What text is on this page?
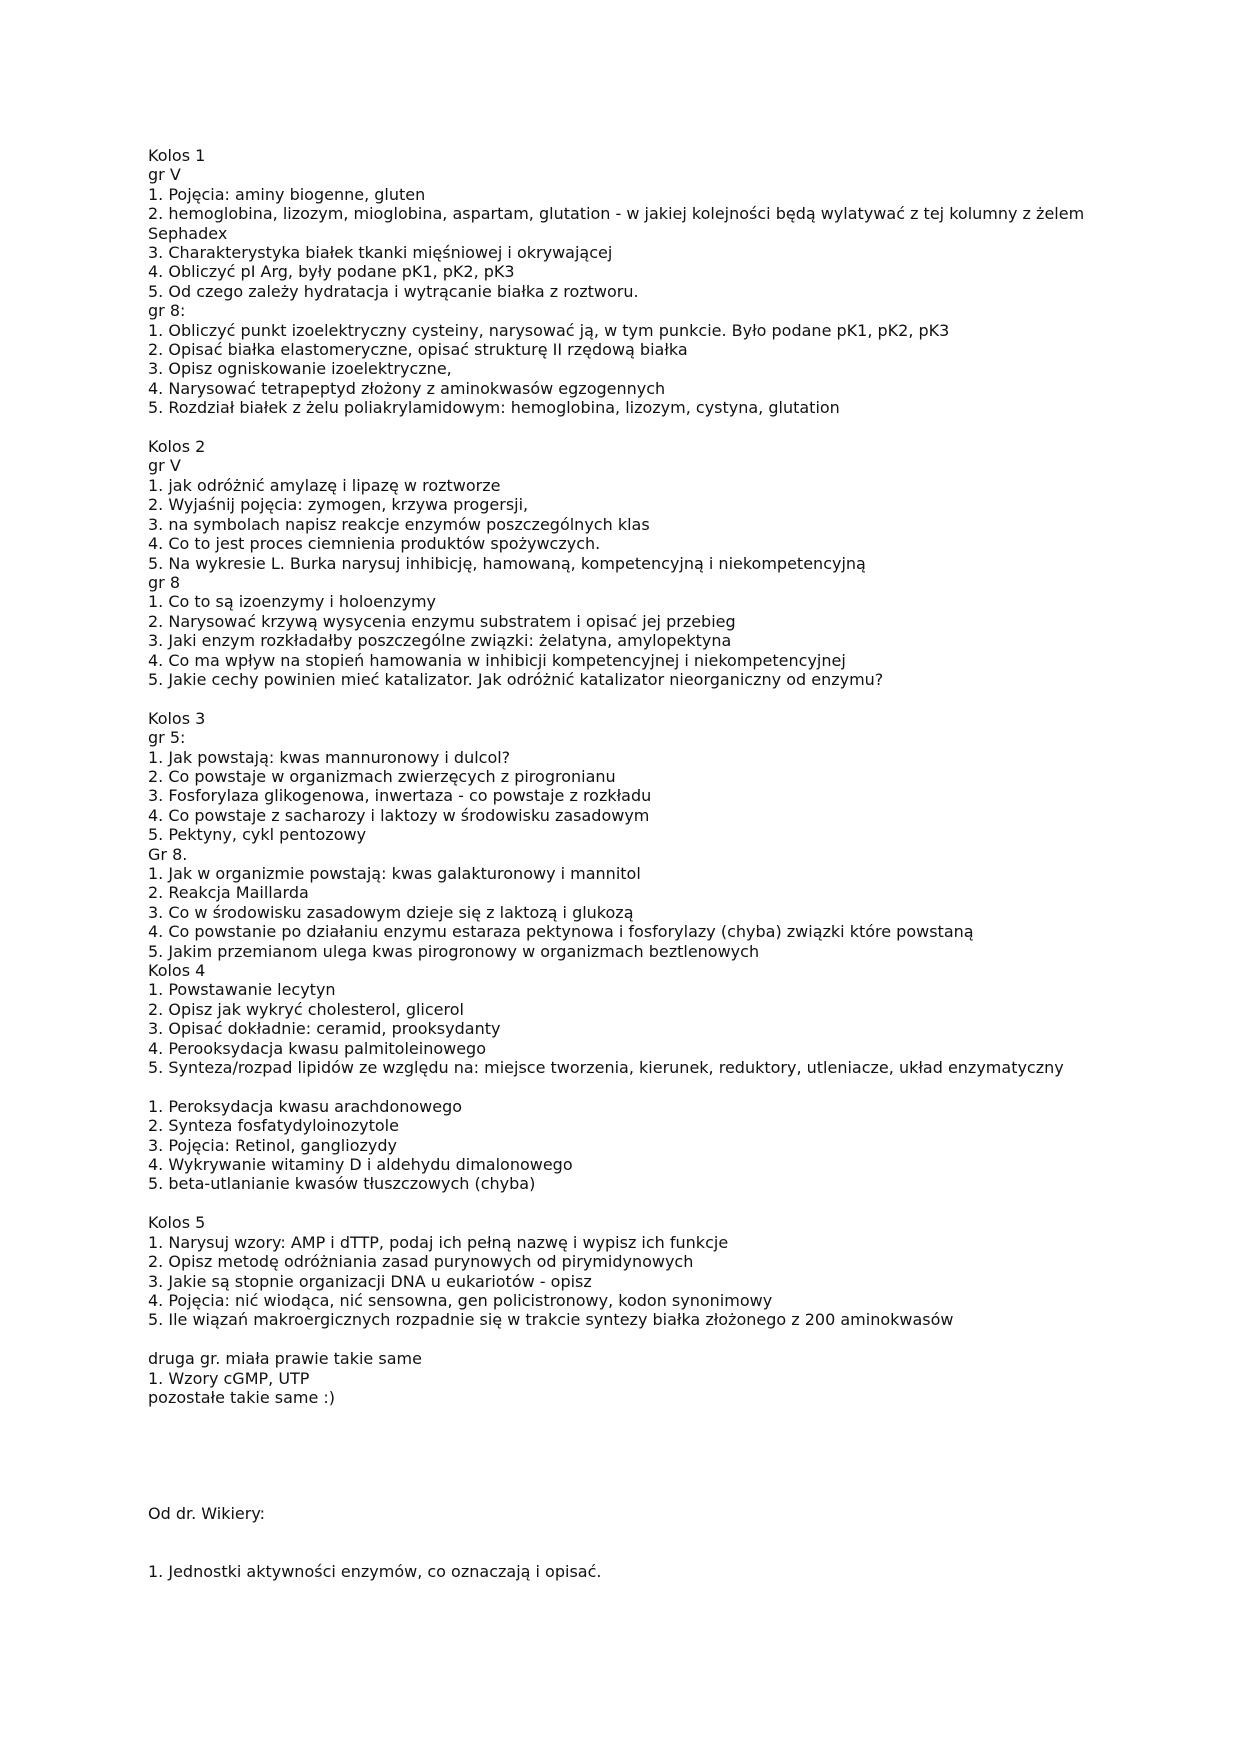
Kolos 1
gr V
1. Pojęcia: aminy biogenne, gluten
2. hemoglobina, lizozym, mioglobina, aspartam, glutation - w jakiej kolejności będą wylatywać z tej kolumny z żelem Sephadex
3. Charakterystyka białek tkanki mięśniowej i okrywającej
4. Obliczyć pI Arg, były podane pK1, pK2, pK3
5. Od czego zależy hydratacja i wytrącanie białka z roztworu.
gr 8:
1. Obliczyć punkt izoelektryczny cysteiny, narysować ją, w tym punkcie. Było podane pK1, pK2, pK3
2. Opisać białka elastomeryczne, opisać strukturę II rzędową białka
3. Opisz ogniskowanie izoelektryczne,
4. Narysować tetrapeptyd złożony z aminokwasów egzogennych
5. Rozdział białek z żelu poliakrylamidowym: hemoglobina, lizozym, cystyna, glutation
Kolos 2
gr V
1. jak odróżnić amylazę i lipazę w roztworze
2. Wyjaśnij pojęcia: zymogen, krzywa progersji,
3. na symbolach napisz reakcje enzymów poszczególnych klas
4. Co to jest proces ciemnienia produktów spożywczych.
5. Na wykresie L. Burka narysuj inhibicję, hamowaną, kompetencyjną i niekompetencyjną
gr 8
1. Co to są izoenzymy i holoenzymy
2. Narysować krzywą wysycenia enzymu substratem i opisać jej przebieg
3. Jaki enzym rozkładałby poszczególne związki: żelatyna, amylopektyna
4. Co ma wpływ na stopień hamowania w inhibicji kompetencyjnej i niekompetencyjnej
5. Jakie cechy powinien mieć katalizator. Jak odróżnić katalizator nieorganiczny od enzymu?
Kolos 3
gr 5:
1. Jak powstają: kwas mannuronowy i dulcol?
2. Co powstaje w organizmach zwierzęcych z pirogronianu
3. Fosforylaza glikogenowa, inwertaza - co powstaje z rozkładu
4. Co powstaje z sacharozy i laktozy w środowisku zasadowym
5. Pektyny, cykl pentozowy
Gr 8.
1. Jak w organizmie powstają: kwas galakturonowy i mannitol
2. Reakcja Maillarda
3. Co w środowisku zasadowym dzieje się z laktozą i glukozą
4. Co powstanie po działaniu enzymu estaraza pektynowa i fosforylazy (chyba) związki które powstaną
5. Jakim przemianom ulega kwas pirogronowy w organizmach beztlenowych
Kolos 4
1. Powstawanie lecytyn
2. Opisz jak wykryć cholesterol, glicerol
3. Opisać dokładnie: ceramid, prooksydanty
4. Perooksydacja kwasu palmitoleinowego
5. Synteza/rozpad lipidów ze względu na: miejsce tworzenia, kierunek, reduktory, utleniacze, układ enzymatyczny
1. Peroksydacja kwasu arachdonowego
2. Synteza fosfatydyloinozytole
3. Pojęcia: Retinol, gangliozydy
4. Wykrywanie witaminy D i aldehydu dimalonowego
5. beta-utlanianie kwasów tłuszczowych (chyba)
Kolos 5
1. Narysuj wzory: AMP i dTTP, podaj ich pełną nazwę i wypisz ich funkcje
2. Opisz metodę odróżniania zasad purynowych od pirymidynowych
3. Jakie są stopnie organizacji DNA u eukariotów - opisz
4. Pojęcia: nić wiodąca, nić sensowna, gen policistronowy, kodon synonimowy
5. Ile wiązań makroergicznych rozpadnie się w trakcie syntezy białka złożonego z 200 aminokwasów
druga gr. miała prawie takie same
1. Wzory cGMP, UTP
pozostałe takie same :)
Od dr. Wikiery:
1. Jednostki aktywności enzymów, co oznaczają i opisać.
